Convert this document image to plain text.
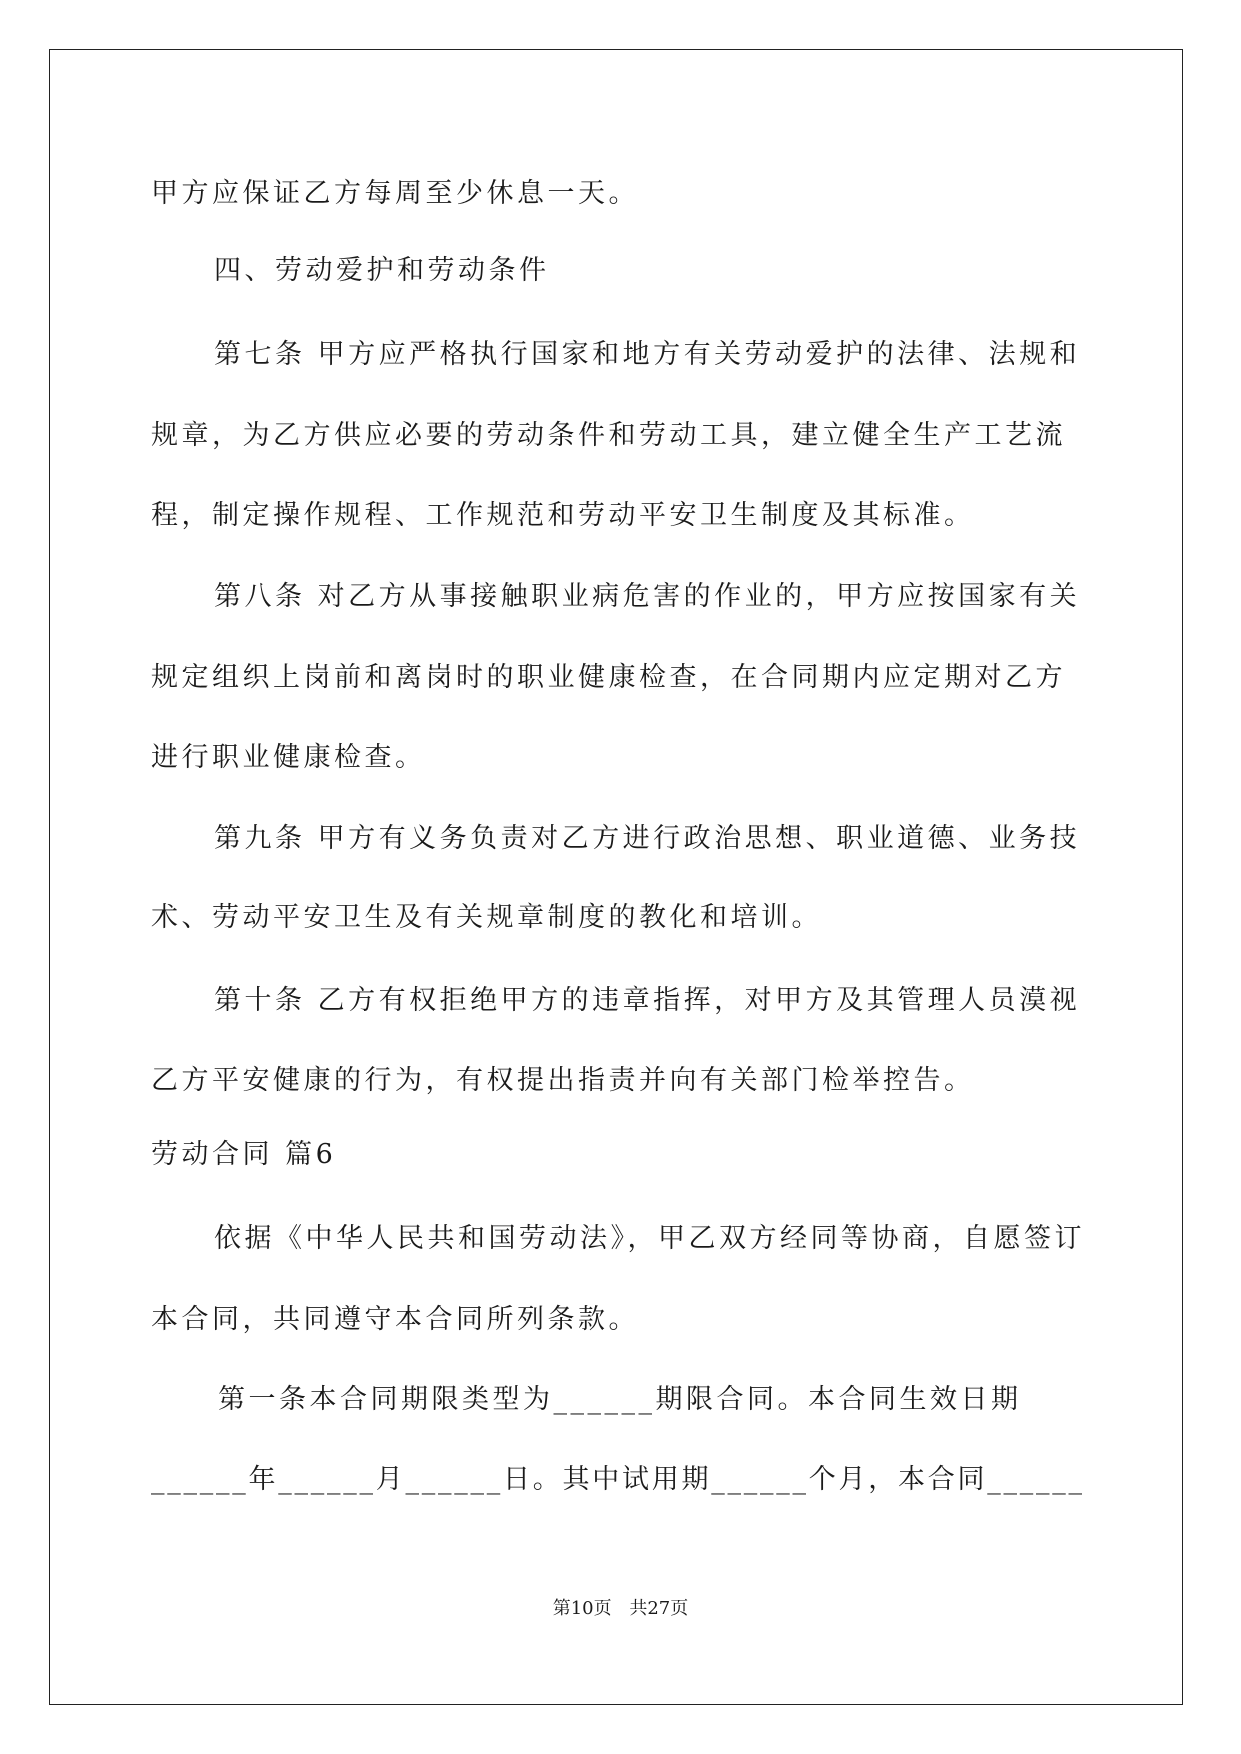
甲方应保证乙方每周至少休息一天。
四、劳动爱护和劳动条件
第七条 甲方应严格执行国家和地方有关劳动爱护的法律、法规和
规章，为乙方供应必要的劳动条件和劳动工具，建立健全生产工艺流
程，制定操作规程、工作规范和劳动平安卫生制度及其标准。
第八条 对乙方从事接触职业病危害的作业的，甲方应按国家有关
规定组织上岗前和离岗时的职业健康检查，在合同期内应定期对乙方
进行职业健康检查。
第九条 甲方有义务负责对乙方进行政治思想、职业道德、业务技
术、劳动平安卫生及有关规章制度的教化和培训。
第十条 乙方有权拒绝甲方的违章指挥，对甲方及其管理人员漠视
乙方平安健康的行为，有权提出指责并向有关部门检举控告。
劳动合同 篇6
依据《中华人民共和国劳动法》，甲乙双方经同等协商，自愿签订
本合同，共同遵守本合同所列条款。
第一条本合同期限类型为______期限合同。本合同生效日期
______年______月______日。其中试用期______个月，本合同______
第10页 共27页
